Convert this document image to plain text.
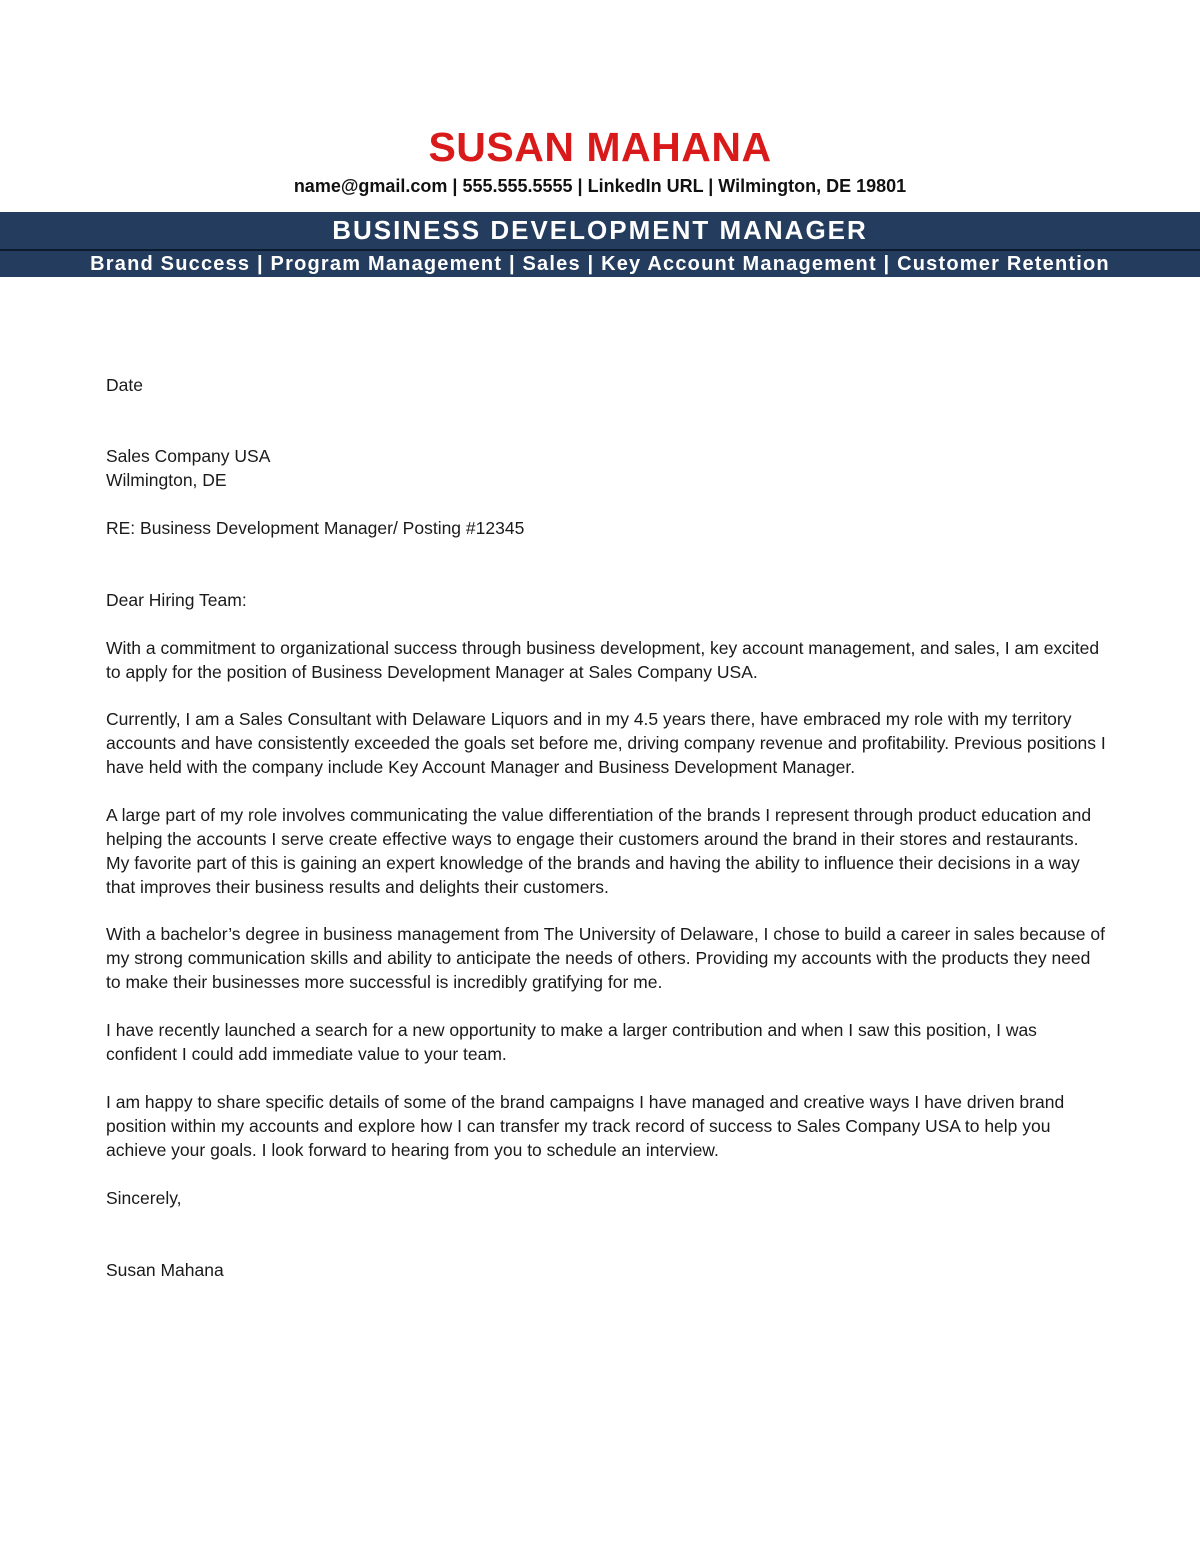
SUSAN MAHANA
name@gmail.com | 555.555.5555 | LinkedIn URL | Wilmington, DE 19801
BUSINESS DEVELOPMENT MANAGER
Brand Success | Program Management | Sales | Key Account Management | Customer Retention
Date
Sales Company USA
Wilmington, DE
RE: Business Development Manager/ Posting #12345
Dear Hiring Team:
With a commitment to organizational success through business development, key account management, and sales, I am excited to apply for the position of Business Development Manager at Sales Company USA.
Currently, I am a Sales Consultant with Delaware Liquors and in my 4.5 years there, have embraced my role with my territory accounts and have consistently exceeded the goals set before me, driving company revenue and profitability. Previous positions I have held with the company include Key Account Manager and Business Development Manager.
A large part of my role involves communicating the value differentiation of the brands I represent through product education and helping the accounts I serve create effective ways to engage their customers around the brand in their stores and restaurants. My favorite part of this is gaining an expert knowledge of the brands and having the ability to influence their decisions in a way that improves their business results and delights their customers.
With a bachelor’s degree in business management from The University of Delaware, I chose to build a career in sales because of my strong communication skills and ability to anticipate the needs of others. Providing my accounts with the products they need to make their businesses more successful is incredibly gratifying for me.
I have recently launched a search for a new opportunity to make a larger contribution and when I saw this position, I was confident I could add immediate value to your team.
I am happy to share specific details of some of the brand campaigns I have managed and creative ways I have driven brand position within my accounts and explore how I can transfer my track record of success to Sales Company USA to help you achieve your goals. I look forward to hearing from you to schedule an interview.
Sincerely,
Susan Mahana
